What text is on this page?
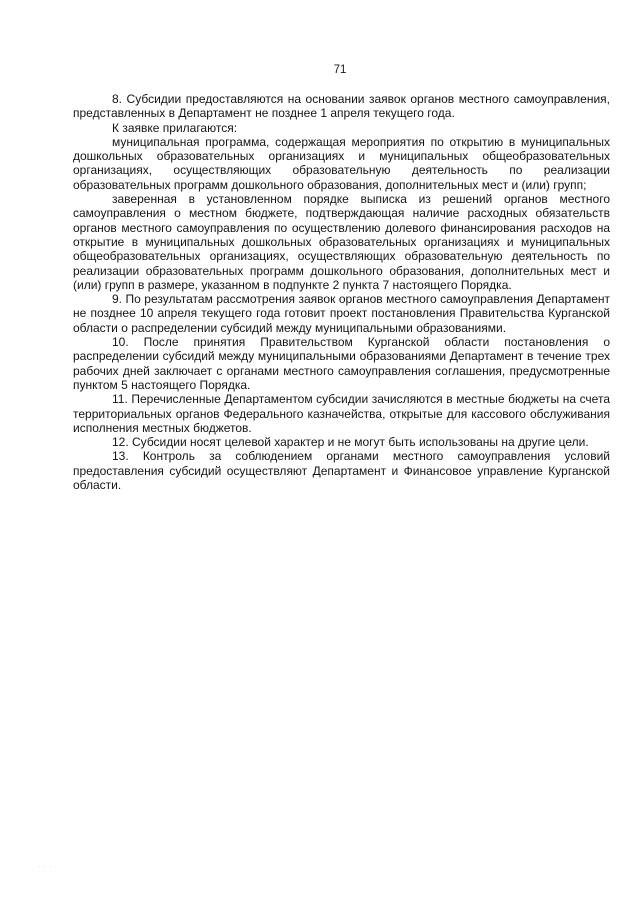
71

8. Субсидии предоставляются на основании заявок органов местного самоуправления, представленных в Департамент не позднее 1 апреля текущего года.

К заявке прилагаются:

муниципальная программа, содержащая мероприятия по открытию в муниципальных дошкольных образовательных организациях и муниципальных общеобразовательных организациях, осуществляющих образовательную деятельность по реализации образовательных программ дошкольного образования, дополнительных мест и (или) групп;

заверенная в установленном порядке выписка из решений органов местного самоуправления о местном бюджете, подтверждающая наличие расходных обязательств органов местного самоуправления по осуществлению долевого финансирования расходов на открытие в муниципальных дошкольных образовательных организациях и муниципальных общеобразовательных организациях, осуществляющих образовательную деятельность по реализации образовательных программ дошкольного образования, дополнительных мест и (или) групп в размере, указанном в подпункте 2 пункта 7 настоящего Порядка.

9. По результатам рассмотрения заявок органов местного самоуправления Департамент не позднее 10 апреля текущего года готовит проект постановления Правительства Курганской области о распределении субсидий между муниципальными образованиями.

10. После принятия Правительством Курганской области постановления о распределении субсидий между муниципальными образованиями Департамент в течение трех рабочих дней заключает с органами местного самоуправления соглашения, предусмотренные пунктом 5 настоящего Порядка.

11. Перечисленные Департаментом субсидии зачисляются в местные бюджеты на счета территориальных органов Федерального казначейства, открытые для кассового обслуживания исполнения местных бюджетов.

12. Субсидии носят целевой характер и не могут быть использованы на другие цели.

13. Контроль за соблюдением органами местного самоуправления условий предоставления субсидий осуществляют Департамент и Финансовое управление Курганской области.

· · ·
